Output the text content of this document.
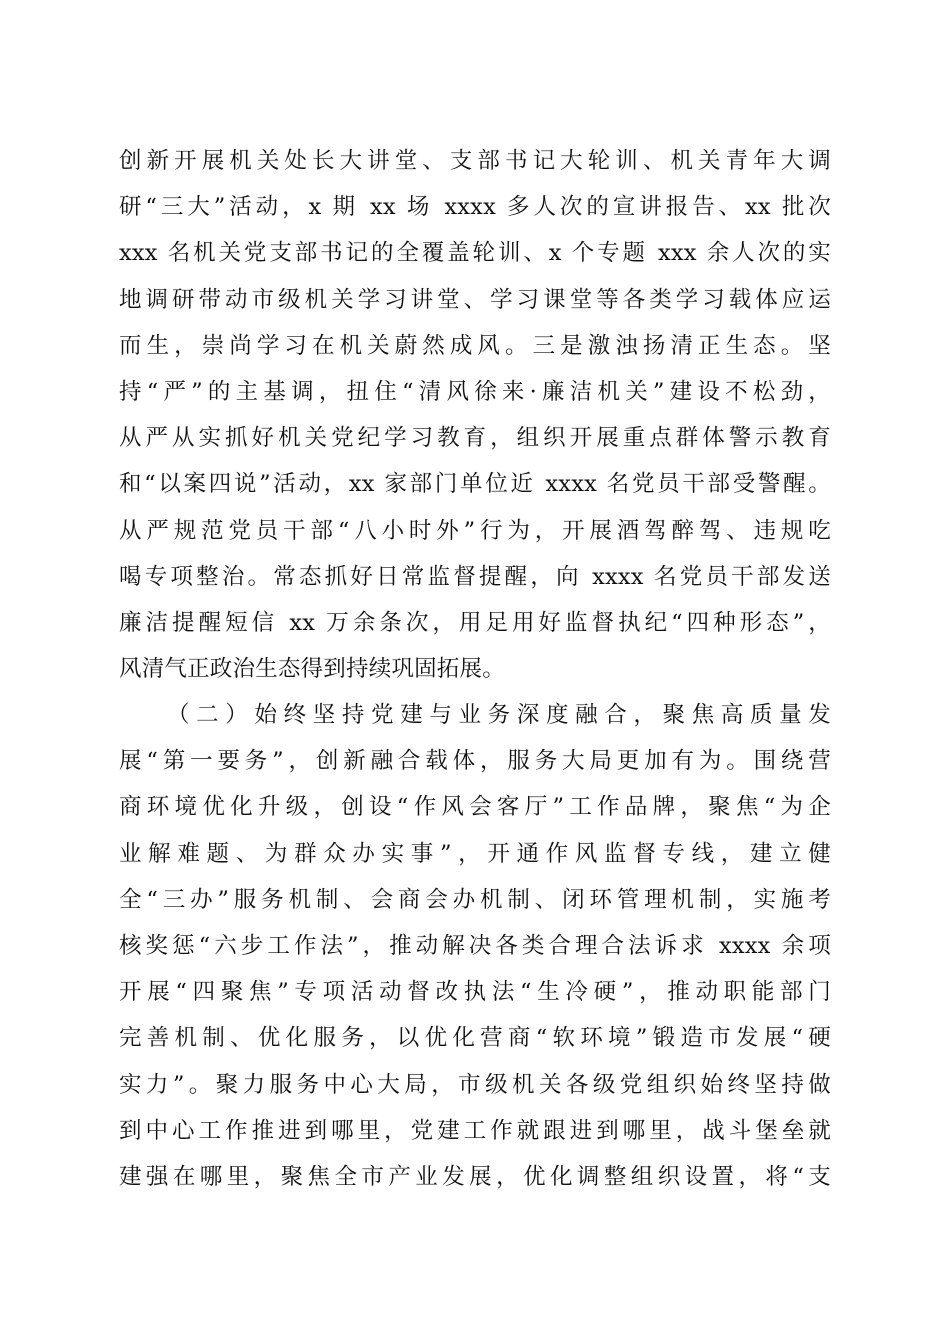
创新开展机关处长大讲堂、支部书记大轮训、机关青年大调
研“三大”活动，x 期 xx 场 xxxx 多人次的宣讲报告、xx 批次
xxx 名机关党支部书记的全覆盖轮训、x 个专题 xxx 余人次的实
地调研带动市级机关学习讲堂、学习课堂等各类学习载体应运
而生，崇尚学习在机关蔚然成风。三是激浊扬清正生态。坚
持“严”的主基调，扭住“清风徐来·廉洁机关”建设不松劲，
从严从实抓好机关党纪学习教育，组织开展重点群体警示教育
和“以案四说”活动，xx 家部门单位近 xxxx 名党员干部受警醒。
从严规范党员干部“八小时外”行为，开展酒驾醉驾、违规吃
喝专项整治。常态抓好日常监督提醒，向 xxxx 名党员干部发送
廉洁提醒短信 xx 万余条次，用足用好监督执纪“四种形态”，
风清气正政治生态得到持续巩固拓展。
（二）始终坚持党建与业务深度融合，聚焦高质量发
展“第一要务”，创新融合载体，服务大局更加有为。围绕营
商环境优化升级，创设“作风会客厅”工作品牌，聚焦“为企
业解难题、为群众办实事”，开通作风监督专线，建立健
全“三办”服务机制、会商会办机制、闭环管理机制，实施考
核奖惩“六步工作法”，推动解决各类合理合法诉求 xxxx 余项
开展“四聚焦”专项活动督改执法“生冷硬”，推动职能部门
完善机制、优化服务，以优化营商“软环境”锻造市发展“硬
实力”。聚力服务中心大局，市级机关各级党组织始终坚持做
到中心工作推进到哪里，党建工作就跟进到哪里，战斗堡垒就
建强在哪里，聚焦全市产业发展，优化调整组织设置，将“支
